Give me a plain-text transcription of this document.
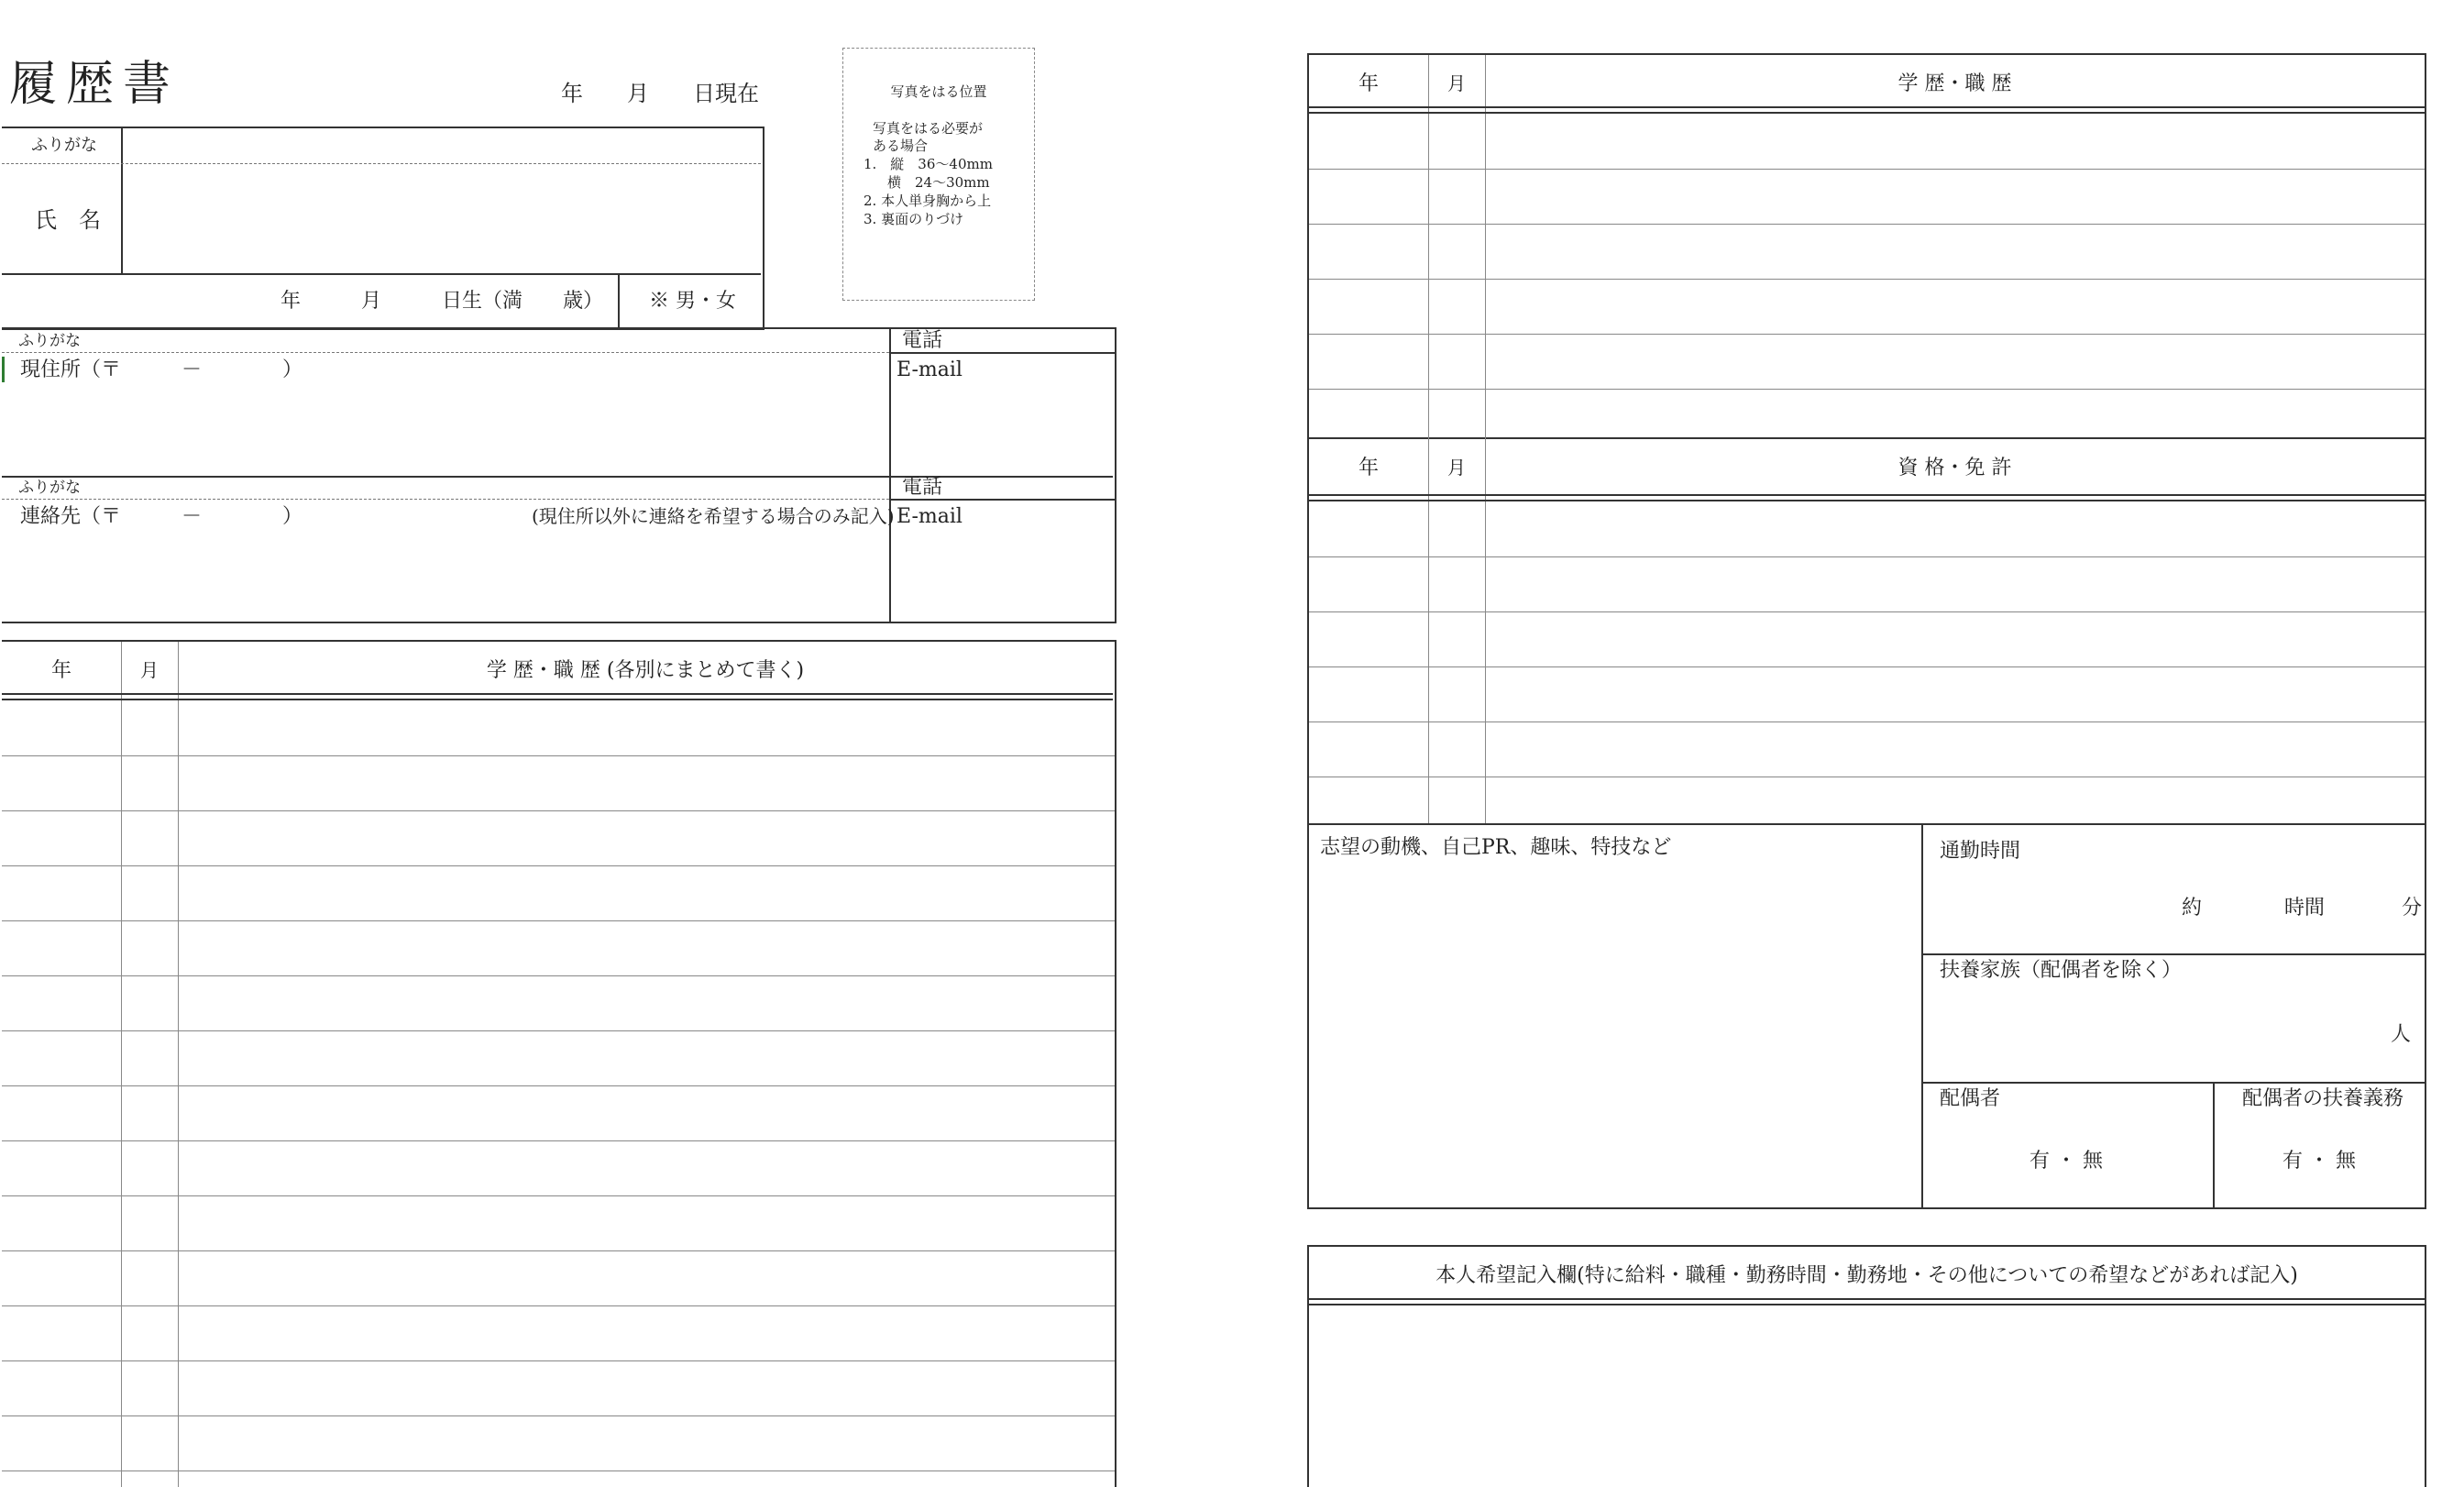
履歴書	年　　月　　日現在	写真をはる位置
写真をはる必要が
ある場合
1.　縦　36～40mm
横　24～30mm
2. 本人単身胸から上
3. 裏面のりづけ
ふりがな
氏　名
年　　　月　　　日生（満　　歳） ※ 男・女
ふりがな
現住所（〒　　　－　　　　）
電話
E-mail
ふりがな
連絡先（〒　　　－　　　　）	(現住所以外に連絡を希望する場合のみ記入)
電話
E-mail
年	月	学 歴・職 歴 (各別にまとめて書く)
年	月	学 歴・職 歴
年	月	資 格・免 許
志望の動機、自己PR、趣味、特技など	通勤時間
約	時間	分
扶養家族（配偶者を除く）
人
配偶者
有 ・ 無
配偶者の扶養義務
有 ・ 無
本人希望記入欄(特に給料・職種・勤務時間・勤務地・その他についての希望などがあれば記入)
